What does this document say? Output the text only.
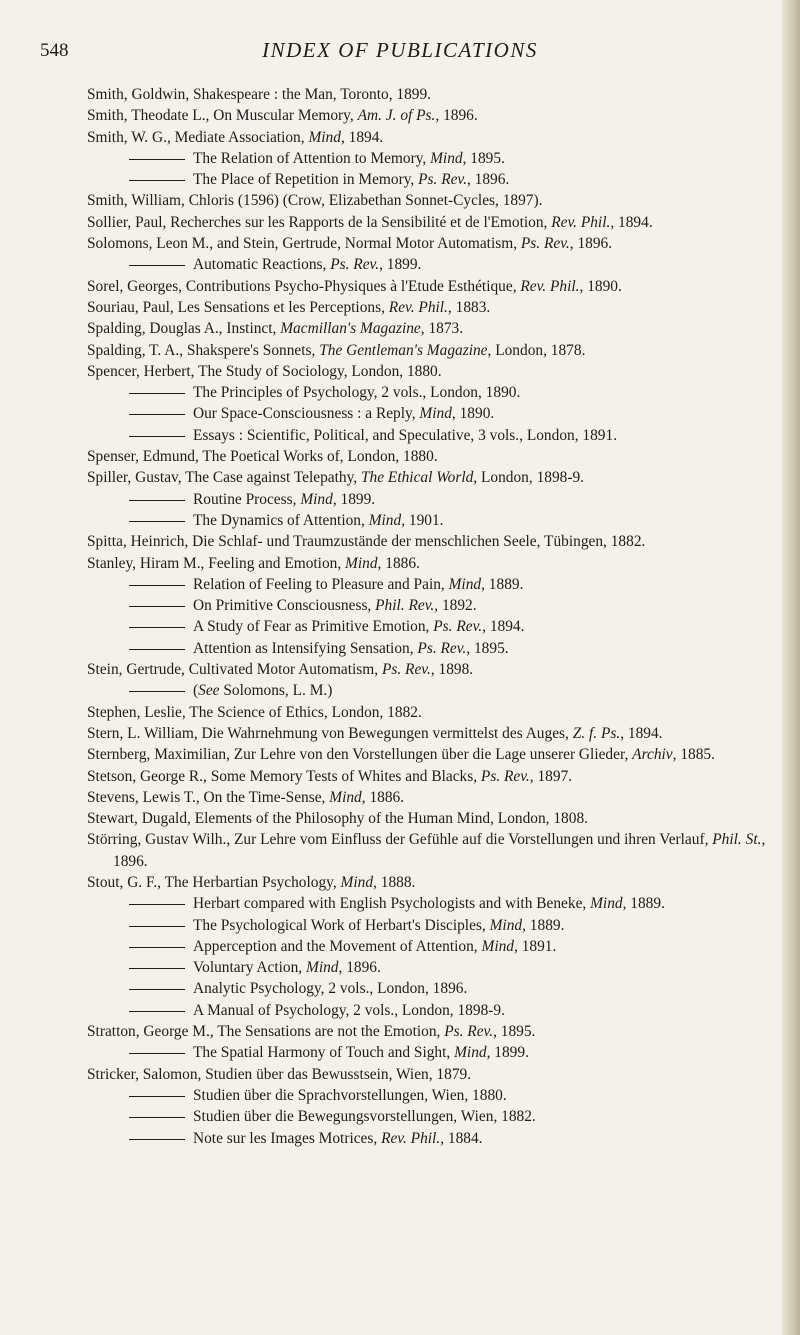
548	INDEX OF PUBLICATIONS

Smith, Goldwin, Shakespeare : the Man, Toronto, 1899.

Smith, Theodate L., On Muscular Memory, Am. J. of Ps., 1896.

Smith, W. G., Mediate Association, Mind, 1894.

The Relation of Attention to Memory, Mind, 1895.

The Place of Repetition in Memory, Ps. Rev., 1896.

Smith, William, Chloris (1596) (Crow, Elizabethan Sonnet-Cycles, 1897).

Sollier, Paul, Recherches sur les Rapports de la Sensibilité et de l'Emotion, Rev. Phil., 1894.

Solomons, Leon M., and Stein, Gertrude, Normal Motor Automatism, Ps. Rev., 1896.

Automatic Reactions, Ps. Rev., 1899.

Sorel, Georges, Contributions Psycho-Physiques à l'Etude Esthétique, Rev. Phil., 1890.

Souriau, Paul, Les Sensations et les Perceptions, Rev. Phil., 1883.

Spalding, Douglas A., Instinct, Macmillan's Magazine, 1873.

Spalding, T. A., Shakspere's Sonnets, The Gentleman's Magazine, London, 1878.

Spencer, Herbert, The Study of Sociology, London, 1880.

The Principles of Psychology, 2 vols., London, 1890.

Our Space-Consciousness : a Reply, Mind, 1890.

Essays : Scientific, Political, and Speculative, 3 vols., London, 1891.

Spenser, Edmund, The Poetical Works of, London, 1880.

Spiller, Gustav, The Case against Telepathy, The Ethical World, London, 1898-9.

Routine Process, Mind, 1899.

The Dynamics of Attention, Mind, 1901.

Spitta, Heinrich, Die Schlaf- und Traumzustände der menschlichen Seele, Tübingen, 1882.

Stanley, Hiram M., Feeling and Emotion, Mind, 1886.

Relation of Feeling to Pleasure and Pain, Mind, 1889.

On Primitive Consciousness, Phil. Rev., 1892.

A Study of Fear as Primitive Emotion, Ps. Rev., 1894.

Attention as Intensifying Sensation, Ps. Rev., 1895.

Stein, Gertrude, Cultivated Motor Automatism, Ps. Rev., 1898.

(See Solomons, L. M.)

Stephen, Leslie, The Science of Ethics, London, 1882.

Stern, L. William, Die Wahrnehmung von Bewegungen vermittelst des Auges, Z. f. Ps., 1894.

Sternberg, Maximilian, Zur Lehre von den Vorstellungen über die Lage unserer Glieder, Archiv, 1885.

Stetson, George R., Some Memory Tests of Whites and Blacks, Ps. Rev., 1897.

Stevens, Lewis T., On the Time-Sense, Mind, 1886.

Stewart, Dugald, Elements of the Philosophy of the Human Mind, London, 1808.

Störring, Gustav Wilh., Zur Lehre vom Einfluss der Gefühle auf die Vorstellungen und ihren Verlauf, Phil. St., 1896.

Stout, G. F., The Herbartian Psychology, Mind, 1888.

Herbart compared with English Psychologists and with Beneke, Mind, 1889.

The Psychological Work of Herbart's Disciples, Mind, 1889.

Apperception and the Movement of Attention, Mind, 1891.

Voluntary Action, Mind, 1896.

Analytic Psychology, 2 vols., London, 1896.

A Manual of Psychology, 2 vols., London, 1898-9.

Stratton, George M., The Sensations are not the Emotion, Ps. Rev., 1895.

The Spatial Harmony of Touch and Sight, Mind, 1899.

Stricker, Salomon, Studien über das Bewusstsein, Wien, 1879.

Studien über die Sprachvorstellungen, Wien, 1880.

Studien über die Bewegungsvorstellungen, Wien, 1882.

Note sur les Images Motrices, Rev. Phil., 1884.
